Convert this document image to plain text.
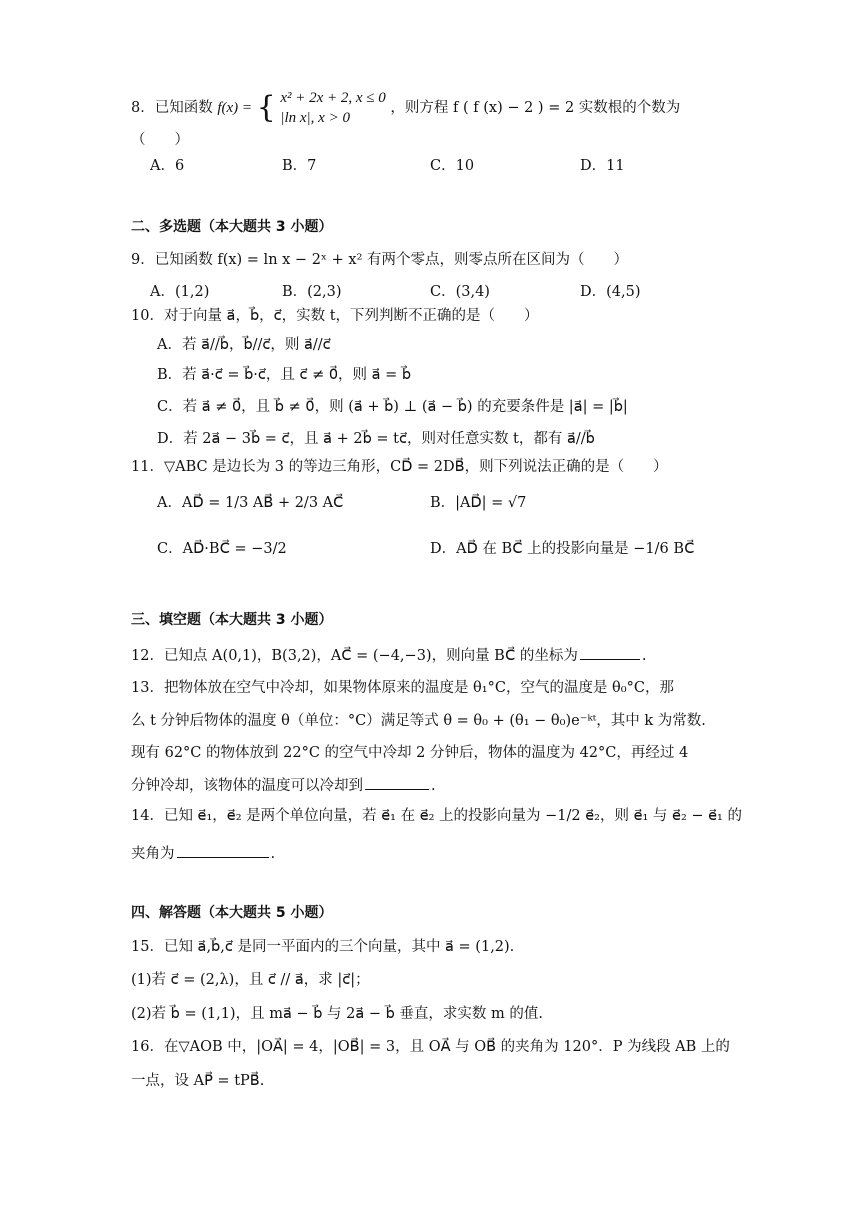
8．已知函数 f(x) = { x² + 2x + 2, x ≤ 0
|ln x|, x > 0
，则方程 f ( f (x) − 2 ) = 2 实数根的个数为
（　　）
A．6	B．7	C．10	D．11
二、多选题（本大题共 3 小题）
9．已知函数 f(x) = ln x − 2ˣ + x² 有两个零点，则零点所在区间为（　　）
A．(1,2)	B．(2,3)	C．(3,4)	D．(4,5)
10．对于向量 a⃗，b⃗，c⃗，实数 t，下列判断不正确的是（　　）
A．若 a⃗//b⃗，b⃗//c⃗，则 a⃗//c⃗
B．若 a⃗·c⃗ = b⃗·c⃗，且 c⃗ ≠ 0⃗，则 a⃗ = b⃗
C．若 a⃗ ≠ 0⃗，且 b⃗ ≠ 0⃗，则 (a⃗ + b⃗) ⊥ (a⃗ − b⃗) 的充要条件是 |a⃗| = |b⃗|
D．若 2a⃗ − 3b⃗ = c⃗，且 a⃗ + 2b⃗ = tc⃗，则对任意实数 t，都有 a⃗//b⃗
11．▽ABC 是边长为 3 的等边三角形，CD⃗ = 2DB⃗，则下列说法正确的是（　　）
A．AD⃗ = 1/3 AB⃗ + 2/3 AC⃗	B．|AD⃗| = √7
C．AD⃗·BC⃗ = −3/2	D．AD⃗ 在 BC⃗ 上的投影向量是 −1/6 BC⃗
三、填空题（本大题共 3 小题）
12．已知点 A(0,1)，B(3,2)，AC⃗ = (−4,−3)，则向量 BC⃗ 的坐标为	.
13．把物体放在空气中冷却，如果物体原来的温度是 θ₁°C，空气的温度是 θ₀°C，那
么 t 分钟后物体的温度 θ（单位：°C）满足等式 θ = θ₀ + (θ₁ − θ₀)e⁻ᵏᵗ，其中 k 为常数.
现有 62°C 的物体放到 22°C 的空气中冷却 2 分钟后，物体的温度为 42°C，再经过 4
分钟冷却，该物体的温度可以冷却到	.
14．已知 e⃗₁，e⃗₂ 是两个单位向量，若 e⃗₁ 在 e⃗₂ 上的投影向量为 −1/2 e⃗₂，则 e⃗₁ 与 e⃗₂ − e⃗₁ 的
夹角为	.
四、解答题（本大题共 5 小题）
15．已知 a⃗,b⃗,c⃗ 是同一平面内的三个向量，其中 a⃗ = (1,2).
(1)若 c⃗ = (2,λ)，且 c⃗ // a⃗，求 |c⃗|；
(2)若 b⃗ = (1,1)，且 ma⃗ − b⃗ 与 2a⃗ − b⃗ 垂直，求实数 m 的值.
16．在▽AOB 中，|OA⃗| = 4，|OB⃗| = 3，且 OA⃗ 与 OB⃗ 的夹角为 120°．P 为线段 AB 上的
一点，设 AP⃗ = tPB⃗.
